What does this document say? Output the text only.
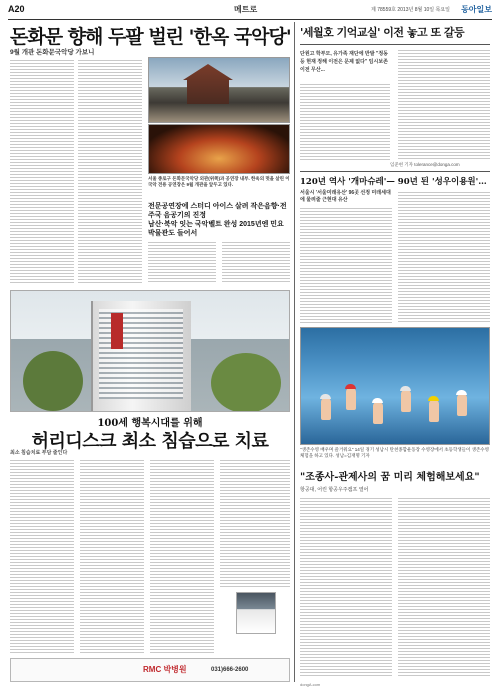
A20	메트로	제 78559호 2013년 8월 10일 목요일 동아일보
돈화문 향해 두팔 벌린 '한옥 국악당'
9월 개관 돈화문국악당 가보니
서울 종로구 돈화문국악당 외관(위쪽)과 공연장 내부. 한옥의 멋을 살린 이 국악 전용 공연장은 9월 개관을 앞두고 있다.
전문공연장에 스터디 아이스 살려 작은음향·전주국 음공기의 진정
남산·북악 잇는 국악벨트 완성 2015년엔 민요박물관도 들어서
100세 행복시대를 위해
허리디스크 최소 침습으로 치료
최소 침습치료 부담 줄인다
RMC 박병원	031)666-2600
'세월호 기억교실' 이전 놓고 또 갈등
단원고 학부모, 유가족 재단에 반발 "정동 등 현재 정해 이전은 문제 없다" 임시보존 이전 무산...
임준현 기자 tolerance@donga.com
120년 역사 '개마슈레'— 90년 된 '성우이용원'…
서울시 '서울미래유산' 96곳 선정 미래세대에 물려줄 근현대 유산
"생존수영 배우며 즐거워요" 14일 경기 성남시 탄천종합운동장 수영장에서 초등학생들이 생존수영 체험을 하고 있다. 성남=김재명 기자
"조종사-관제사의 꿈 미리 체험해보세요"
항공대, 어린 항공우주캠프 열어
dongA.com
